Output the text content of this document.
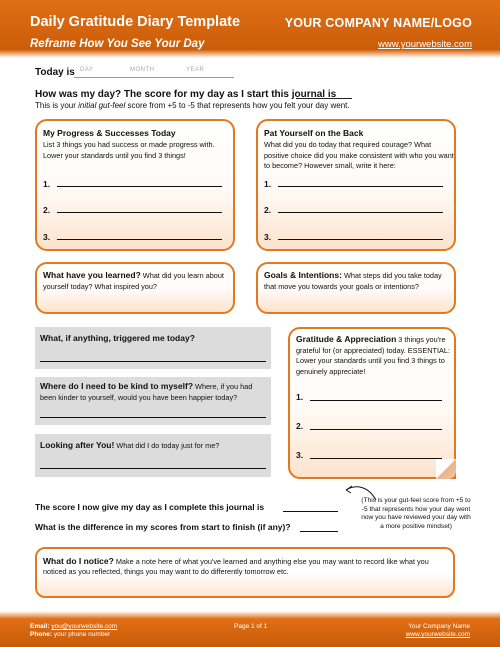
Daily Gratitude Diary Template
Reframe How You See Your Day
YOUR COMPANY NAME/LOGO
www.yourwebsite.com
Today is DAY	MONTH	YEAR
How was my day? The score for my day as I start this journal is
This is your initial gut-feel score from +5 to -5 that represents how you felt your day went.
My Progress & Successes Today
List 3 things you had success or made progress with. Lower your standards until you find 3 things!
1.
2.
3.
Pat Yourself on the Back
What did you do today that required courage? What positive choice did you make consistent with who you want to become? However small, write it here:
1.
2.
3.
What have you learned? What did you learn about yourself today? What inspired you?
Goals & Intentions: What steps did you take today that move you towards your goals or intentions?
What, if anything, triggered me today?
Where do I need to be kind to myself? Where, if you had been kinder to yourself, would you have been happier today?
Looking after You! What did I do today just for me?
Gratitude & Appreciation 3 things you're grateful for (or appreciated) today. ESSENTIAL: Lower your standards until you find 3 things to genuinely appreciate!
1.
2.
3.
The score I now give my day as I complete this journal is
What is the difference in my scores from start to finish (if any)?
(This is your gut-feel score from +5 to -5 that represents how your day went now you have reviewed your day with a more positive mindset)
What do I notice? Make a note here of what you've learned and anything else you may want to record like what you noticed as you reflected, things you may want to do differently tomorrow etc.
Email: you@yourwebsite.com
Phone: your phone number
Page 1 of 1	Your Company Name
www.yourwebsite.com
